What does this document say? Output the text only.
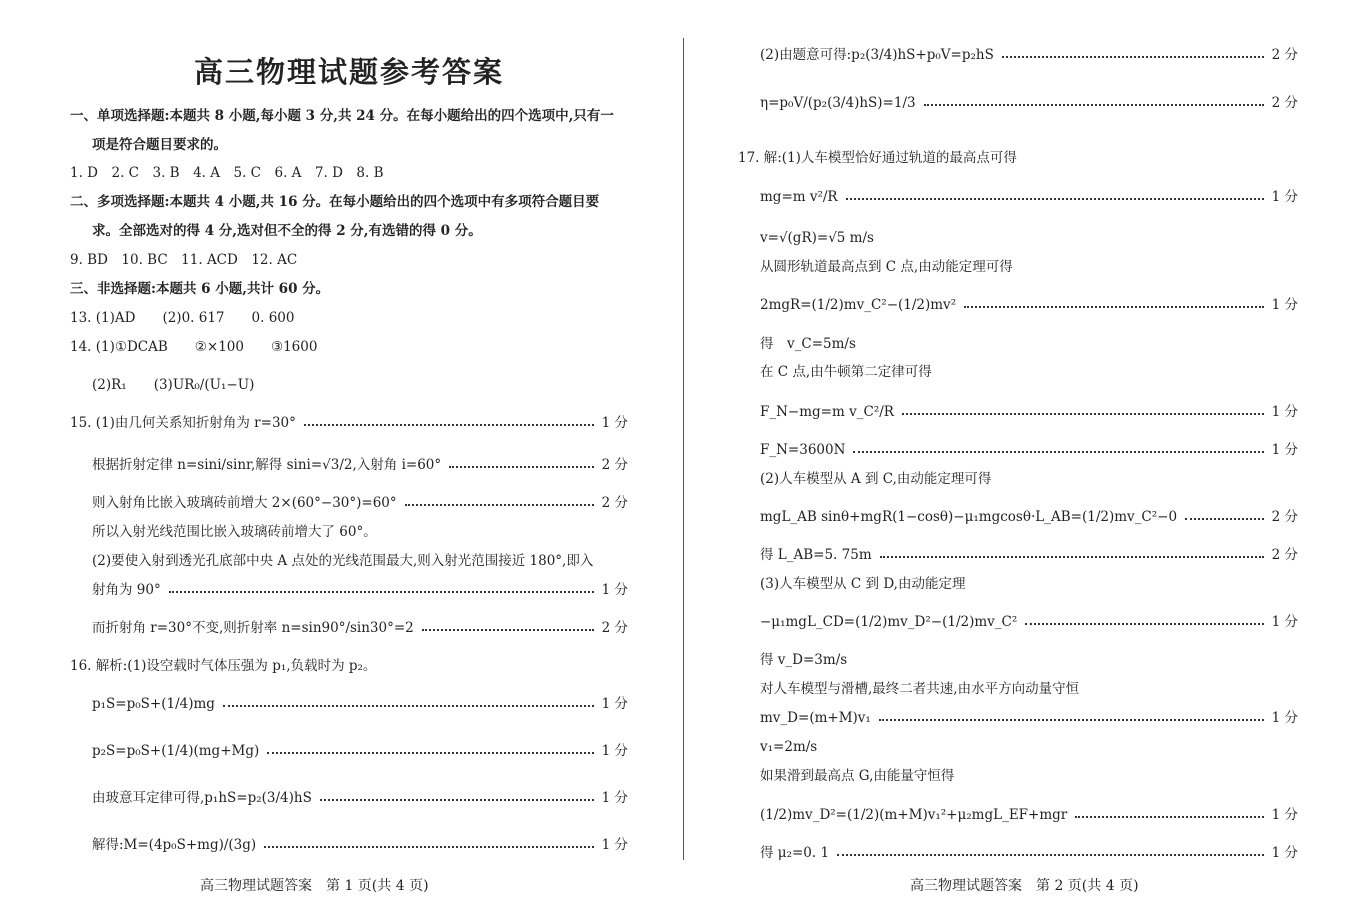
高三物理试题参考答案
一、单项选择题:本题共 8 小题,每小题 3 分,共 24 分。在每小题给出的四个选项中,只有一
项是符合题目要求的。
1. D　2. C　3. B　4. A　5. C　6. A　7. D　8. B
二、多项选择题:本题共 4 小题,共 16 分。在每小题给出的四个选项中有多项符合题目要
求。全部选对的得 4 分,选对但不全的得 2 分,有选错的得 0 分。
9. BD　10. BC　11. ACD　12. AC
三、非选择题:本题共 6 小题,共计 60 分。
13. (1)AD　　(2)0. 617　　0. 600
14. (1)①DCAB　　②×100　　③1600
(2)R₁　　(3)UR₀/(U₁−U)
15. (1)由几何关系知折射角为 r=30°	1 分
根据折射定律 n=sini/sinr,解得 sini=√3/2,入射角 i=60°	2 分
则入射角比嵌入玻璃砖前增大 2×(60°−30°)=60°	2 分
所以入射光线范围比嵌入玻璃砖前增大了 60°。
(2)要使入射到透光孔底部中央 A 点处的光线范围最大,则入射光范围接近 180°,即入
射角为 90°	1 分
而折射角 r=30°不变,则折射率 n=sin90°/sin30°=2	2 分
16. 解析:(1)设空载时气体压强为 p₁,负载时为 p₂。
p₁S=p₀S+(1/4)mg	1 分
p₂S=p₀S+(1/4)(mg+Mg)	1 分
由玻意耳定律可得,p₁hS=p₂(3/4)hS	1 分
解得:M=(4p₀S+mg)/(3g)	1 分
高三物理试题答案　第 1 页(共 4 页)
(2)由题意可得:p₂(3/4)hS+p₀V=p₂hS	2 分
η=p₀V/(p₂(3/4)hS)=1/3	2 分
17. 解:(1)人车模型恰好通过轨道的最高点可得
mg=m v²/R	1 分
v=√(gR)=√5 m/s
从圆形轨道最高点到 C 点,由动能定理可得
2mgR=(1/2)mv_C²−(1/2)mv²	1 分
得　v_C=5m/s
在 C 点,由牛顿第二定律可得
F_N−mg=m v_C²/R	1 分
F_N=3600N	1 分
(2)人车模型从 A 到 C,由动能定理可得
mgL_AB sinθ+mgR(1−cosθ)−μ₁mgcosθ·L_AB=(1/2)mv_C²−0	2 分
得 L_AB=5. 75m	2 分
(3)人车模型从 C 到 D,由动能定理
−μ₁mgL_CD=(1/2)mv_D²−(1/2)mv_C²	1 分
得 v_D=3m/s
对人车模型与滑槽,最终二者共速,由水平方向动量守恒
mv_D=(m+M)v₁	1 分
v₁=2m/s
如果滑到最高点 G,由能量守恒得
(1/2)mv_D²=(1/2)(m+M)v₁²+μ₂mgL_EF+mgr	1 分
得 μ₂=0. 1	1 分
高三物理试题答案　第 2 页(共 4 页)
